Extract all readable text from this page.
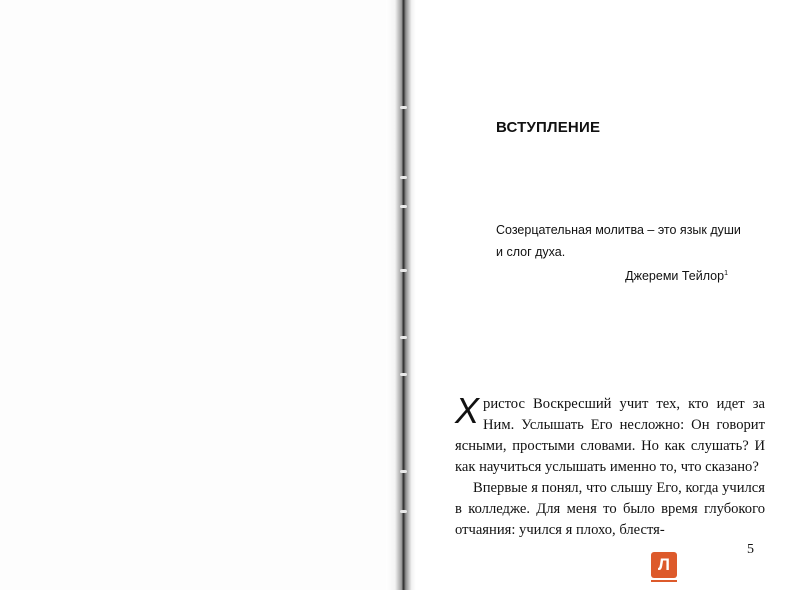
ВСТУПЛЕНИЕ
Созерцательная молитва – это язык души
и слог духа.
Джереми Тейлор$^1$

Христос Воскресший учит тех, кто идет за Ним. Услышать Его несложно: Он говорит ясными, простыми словами. Но как слушать? И как научиться услышать именно то, что сказано?

Впервые я понял, что слышу Его, когда учился в колледже. Для меня то было время глубокого отчаяния: учился я плохо, блестя-

5
Л
